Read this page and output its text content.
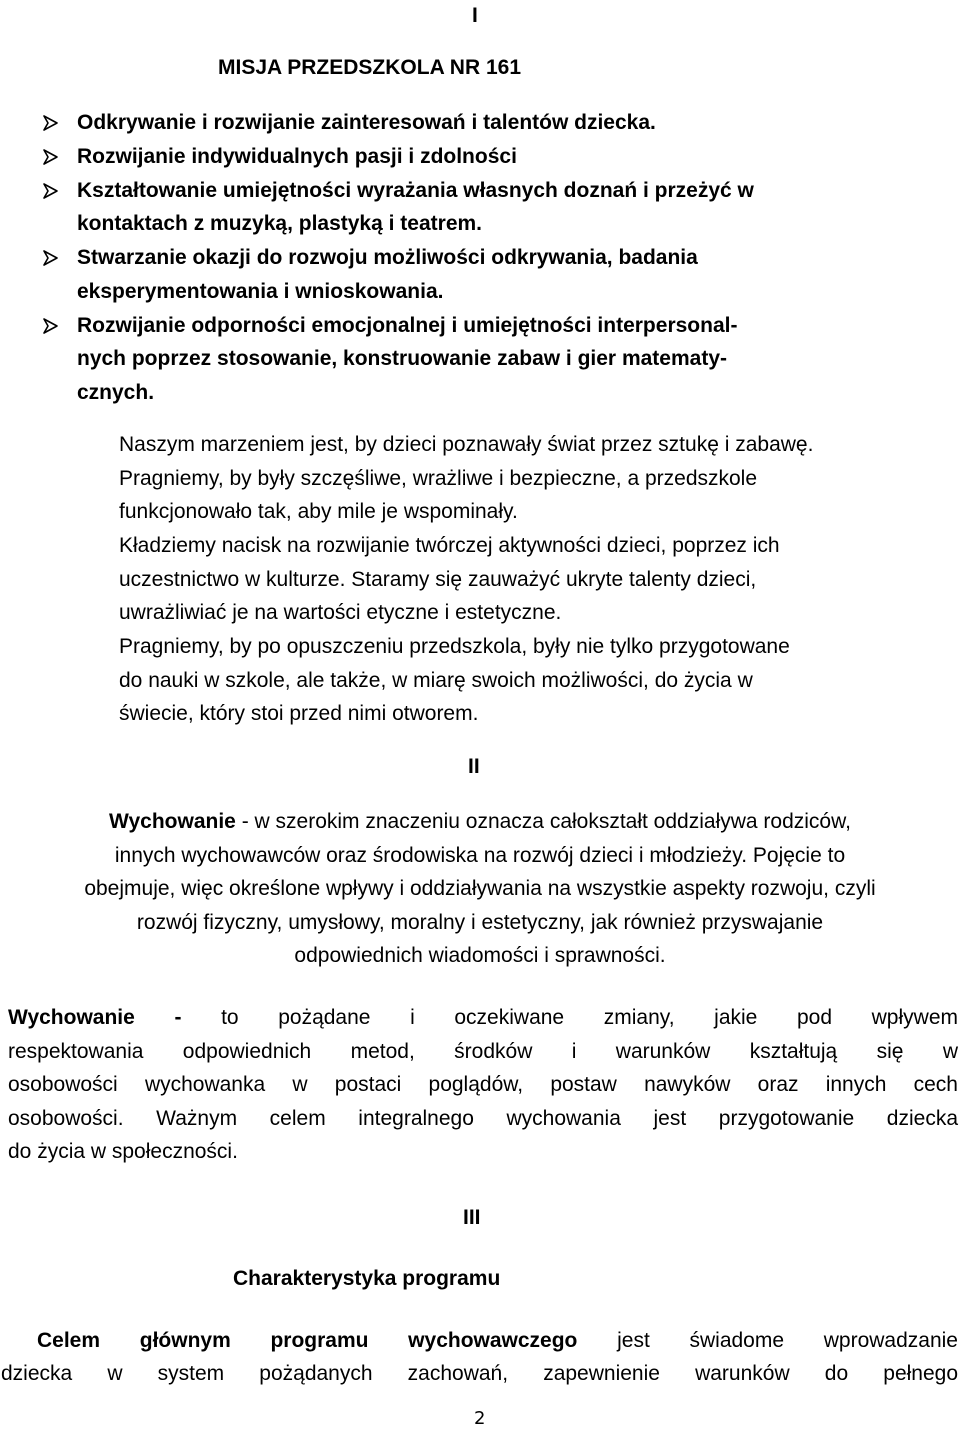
I
MISJA PRZEDSZKOLA NR 161
Odkrywanie i rozwijanie zainteresowań i talentów dziecka.
Rozwijanie indywidualnych pasji i zdolności
Kształtowanie umiejętności wyrażania własnych doznań i przeżyć w
kontaktach z muzyką, plastyką i teatrem.
Stwarzanie okazji do rozwoju możliwości odkrywania, badania
eksperymentowania i wnioskowania.
Rozwijanie odporności emocjonalnej i umiejętności interpersonal-
nych poprzez stosowanie, konstruowanie zabaw i gier matematy-
cznych.
Naszym marzeniem jest, by dzieci poznawały świat przez sztukę i zabawę.
Pragniemy, by były szczęśliwe, wrażliwe i bezpieczne, a przedszkole
funkcjonowało tak, aby mile je wspominały.
Kładziemy nacisk na rozwijanie twórczej aktywności dzieci, poprzez ich
uczestnictwo w kulturze. Staramy się zauważyć ukryte talenty dzieci,
uwrażliwiać je na wartości etyczne i estetyczne.
Pragniemy, by po opuszczeniu przedszkola, były nie tylko przygotowane
do nauki w szkole, ale także, w miarę swoich możliwości, do życia w
świecie, który stoi przed nimi otworem.
II
Wychowanie - w szerokim znaczeniu oznacza całokształt oddziaływa rodziców,
innych wychowawców oraz środowiska na rozwój dzieci i młodzieży. Pojęcie to
obejmuje, więc określone wpływy i oddziaływania na wszystkie aspekty rozwoju, czyli
rozwój fizyczny, umysłowy, moralny i estetyczny, jak również przyswajanie
odpowiednich wiadomości i sprawności.
Wychowanie - to pożądane i oczekiwane zmiany, jakie pod wpływem
respektowania odpowiednich metod, środków i warunków kształtują się w
osobowości wychowanka w postaci poglądów, postaw nawyków oraz innych cech
osobowości. Ważnym celem integralnego wychowania jest przygotowanie dziecka
do życia w społeczności.
III
Charakterystyka programu
Celem głównym programu wychowawczego jest świadome wprowadzanie
dziecka w system pożądanych zachowań, zapewnienie warunków do pełnego
2
